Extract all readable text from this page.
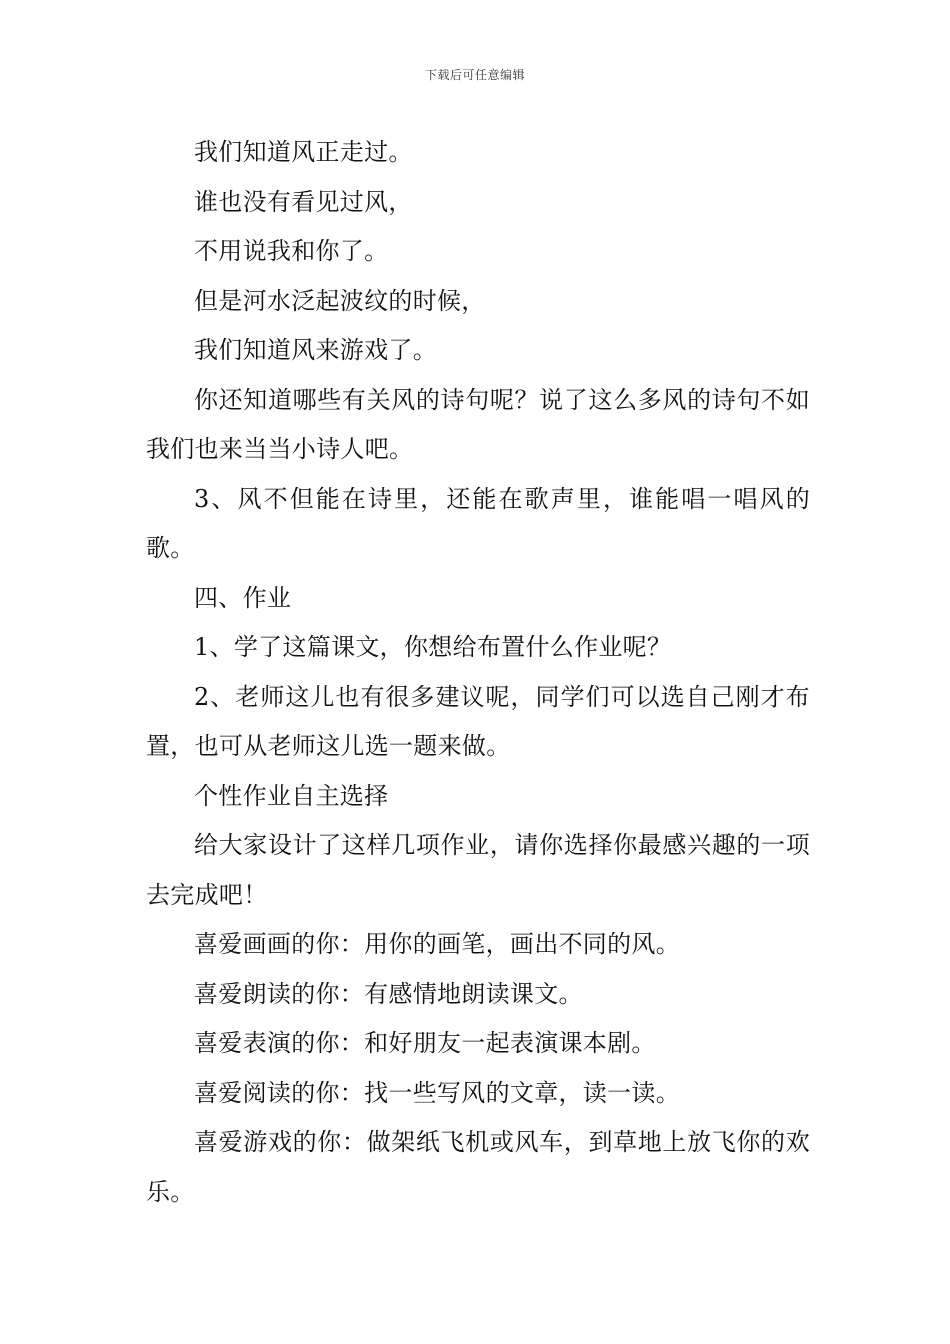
下载后可任意编辑

我们知道风正走过。

谁也没有看见过风，

不用说我和你了。

但是河水泛起波纹的时候，

我们知道风来游戏了。

你还知道哪些有关风的诗句呢？说了这么多风的诗句不如我们也来当当小诗人吧。

3、风不但能在诗里，还能在歌声里，谁能唱一唱风的歌。

四、作业

1、学了这篇课文，你想给布置什么作业呢？

2、老师这儿也有很多建议呢，同学们可以选自己刚才布置，也可从老师这儿选一题来做。

个性作业自主选择

给大家设计了这样几项作业，请你选择你最感兴趣的一项去完成吧！

喜爱画画的你：用你的画笔，画出不同的风。

喜爱朗读的你：有感情地朗读课文。

喜爱表演的你：和好朋友一起表演课本剧。

喜爱阅读的你：找一些写风的文章，读一读。

喜爱游戏的你：做架纸飞机或风车，到草地上放飞你的欢乐。
